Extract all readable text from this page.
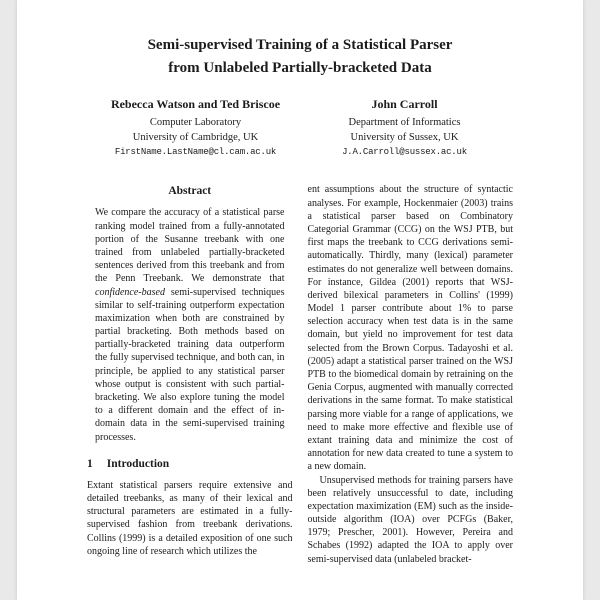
Semi-supervised Training of a Statistical Parser
from Unlabeled Partially-bracketed Data
Rebecca Watson and Ted Briscoe
Computer Laboratory
University of Cambridge, UK
FirstName.LastName@cl.cam.ac.uk
John Carroll
Department of Informatics
University of Sussex, UK
J.A.Carroll@sussex.ac.uk
Abstract

We compare the accuracy of a statistical parse ranking model trained from a fully-annotated portion of the Susanne treebank with one trained from unlabeled partially-bracketed sentences derived from this treebank and from the Penn Treebank. We demonstrate that confidence-based semi-supervised techniques similar to self-training outperform expectation maximization when both are constrained by partial bracketing. Both methods based on partially-bracketed training data outperform the fully supervised technique, and both can, in principle, be applied to any statistical parser whose output is consistent with such partial-bracketing. We also explore tuning the model to a different domain and the effect of in-domain data in the semi-supervised training processes.

1 Introduction

Extant statistical parsers require extensive and detailed treebanks, as many of their lexical and structural parameters are estimated in a fully-supervised fashion from treebank derivations. Collins (1999) is a detailed exposition of one such ongoing line of research which utilizes the

ent assumptions about the structure of syntactic analyses. For example, Hockenmaier (2003) trains a statistical parser based on Combinatory Categorial Grammar (CCG) on the WSJ PTB, but first maps the treebank to CCG derivations semi-automatically. Thirdly, many (lexical) parameter estimates do not generalize well between domains. For instance, Gildea (2001) reports that WSJ-derived bilexical parameters in Collins' (1999) Model 1 parser contribute about 1% to parse selection accuracy when test data is in the same domain, but yield no improvement for test data selected from the Brown Corpus. Tadayoshi et al. (2005) adapt a statistical parser trained on the WSJ PTB to the biomedical domain by retraining on the Genia Corpus, augmented with manually corrected derivations in the same format. To make statistical parsing more viable for a range of applications, we need to make more effective and flexible use of extant training data and minimize the cost of annotation for new data created to tune a system to a new domain.

Unsupervised methods for training parsers have been relatively unsuccessful to date, including expectation maximization (EM) such as the inside-outside algorithm (IOA) over PCFGs (Baker, 1979; Prescher, 2001). However, Pereira and Schabes (1992) adapted the IOA to apply over semi-supervised data (unlabeled bracket-
